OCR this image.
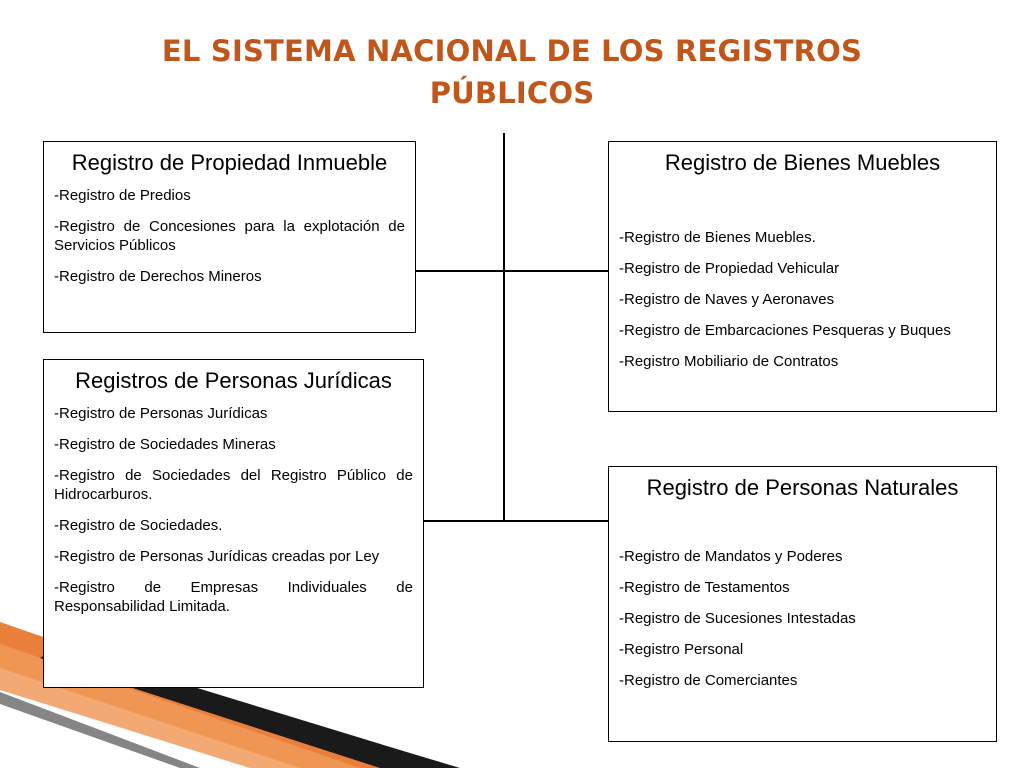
EL SISTEMA NACIONAL DE LOS REGISTROS
PÚBLICOS
Registro de Propiedad Inmueble
-Registro de Predios
-Registro de Concesiones para la explotación de Servicios Públicos
-Registro de Derechos Mineros
Registros de Personas Jurídicas
-Registro de Personas Jurídicas
-Registro de Sociedades Mineras
-Registro de Sociedades del Registro Público de Hidrocarburos.
-Registro de Sociedades.
-Registro de Personas Jurídicas creadas por Ley
-Registro de Empresas Individuales de Responsabilidad Limitada.
Registro de Bienes Muebles
-Registro de Bienes Muebles.
-Registro de Propiedad Vehicular
-Registro de Naves y Aeronaves
-Registro de Embarcaciones Pesqueras y Buques
-Registro Mobiliario de Contratos
Registro de Personas Naturales
-Registro de Mandatos y Poderes
-Registro de Testamentos
-Registro de Sucesiones Intestadas
-Registro Personal
-Registro de Comerciantes
